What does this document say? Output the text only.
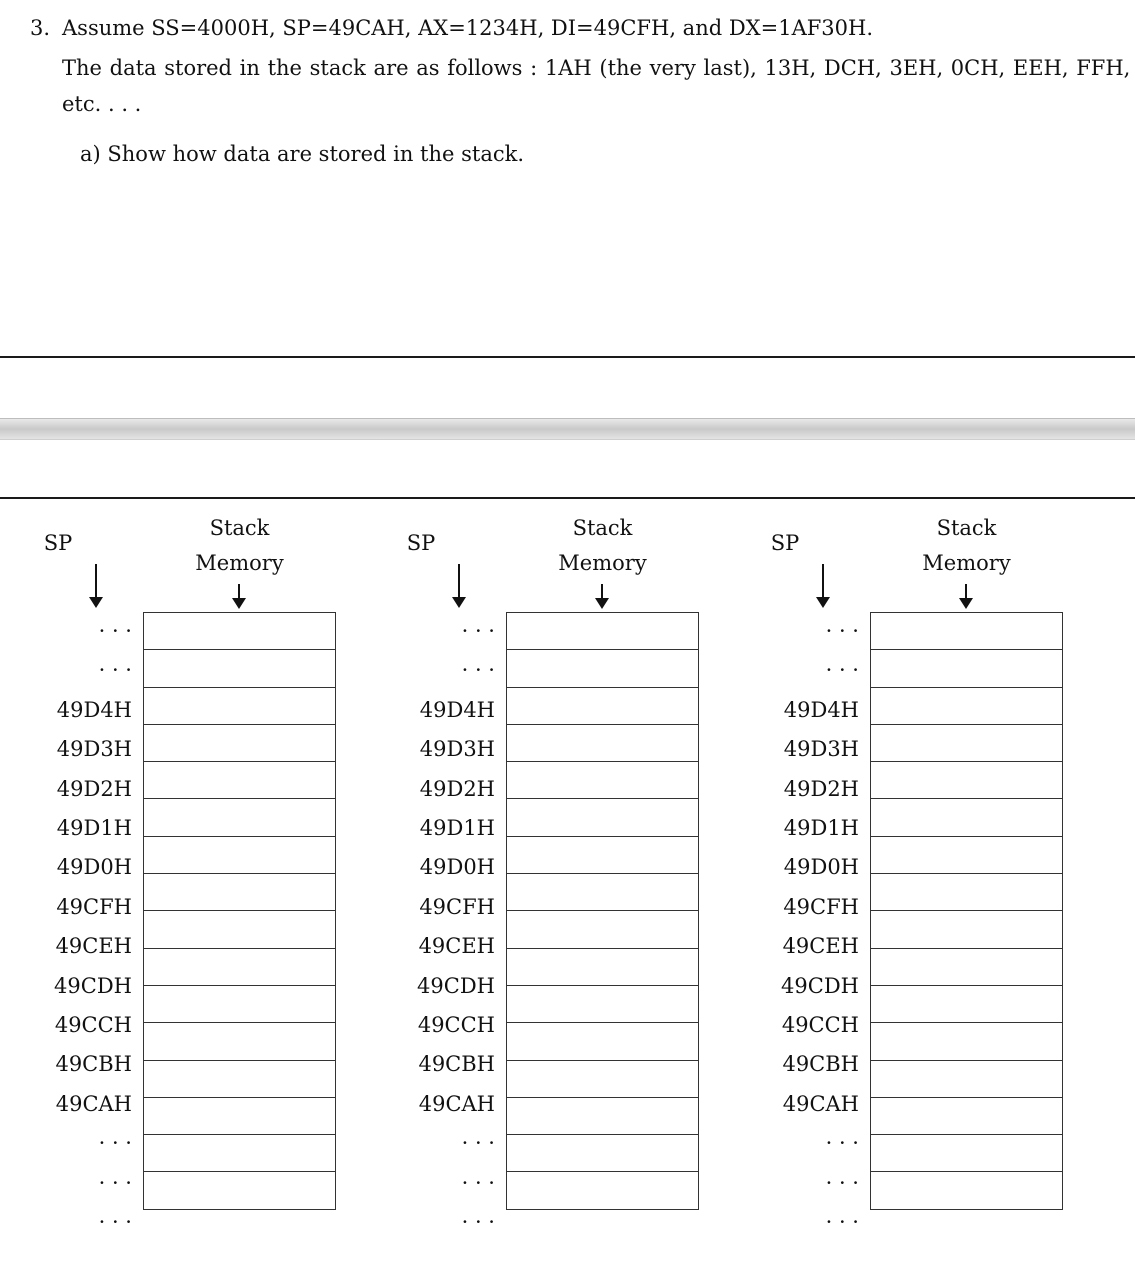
3. Assume SS=4000H, SP=49CAH, AX=1234H, DI=49CFH, and DX=1AF30H.
The data stored in the stack are as follows : 1AH (the very last), 13H, DCH, 3EH, 0CH, EEH, FFH,
etc. . . .
a) Show how data are stored in the stack.
SP
Stack
Memory
· · ·
· · ·
49D4H
49D3H
49D2H
49D1H
49D0H
49CFH
49CEH
49CDH
49CCH
49CBH
49CAH
· · ·
· · ·
· · ·

SP
Stack
Memory
· · ·
· · ·
49D4H
49D3H
49D2H
49D1H
49D0H
49CFH
49CEH
49CDH
49CCH
49CBH
49CAH
· · ·
· · ·
· · ·

SP
Stack
Memory
· · ·
· · ·
49D4H
49D3H
49D2H
49D1H
49D0H
49CFH
49CEH
49CDH
49CCH
49CBH
49CAH
· · ·
· · ·
· · ·
